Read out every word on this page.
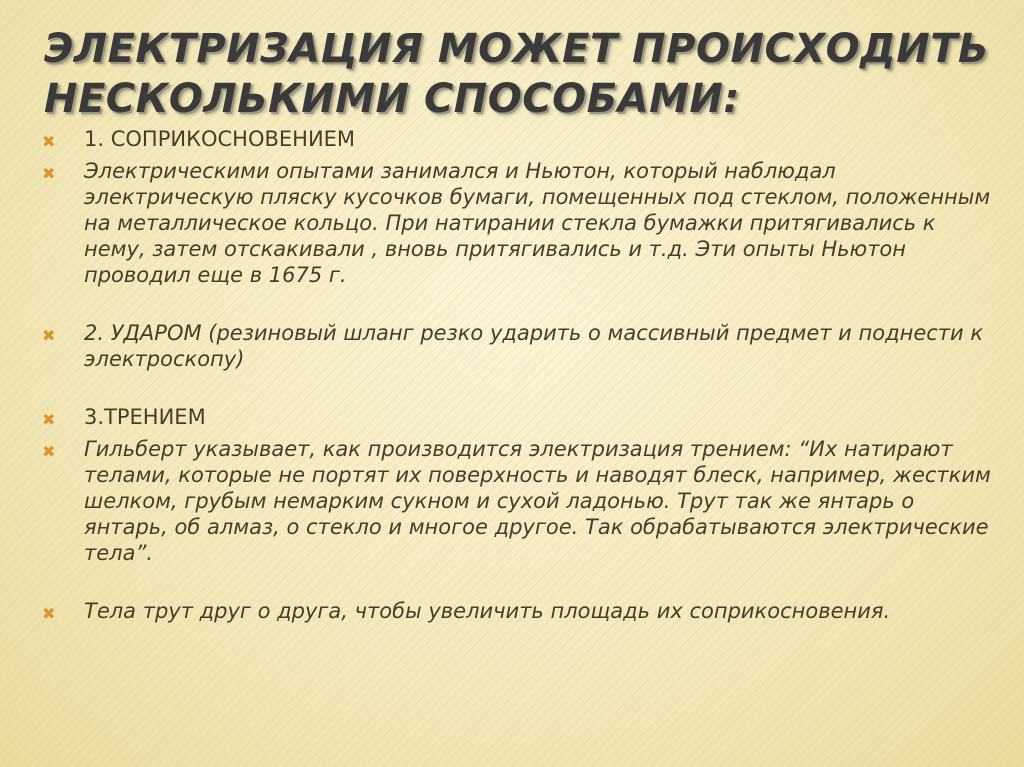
ЭЛЕКТРИЗАЦИЯ МОЖЕТ ПРОИСХОДИТЬ
НЕСКОЛЬКИМИ СПОСОБАМИ:
✖ 1. СОПРИКОСНОВЕНИЕМ
✖ Электрическими опытами занимался и Ньютон, который наблюдал электрическую пляску кусочков бумаги, помещенных под стеклом, положенным на металлическое кольцо. При натирании стекла бумажки притягивались к нему, затем отскакивали , вновь притягивались и т.д. Эти опыты Ньютон проводил еще в 1675 г.
✖ 2. УДАРОМ (резиновый шланг резко ударить о массивный предмет и поднести к электроскопу)
✖ 3.ТРЕНИЕМ
✖ Гильберт указывает, как производится электризация трением: “Их натирают телами, которые не портят их поверхность и наводят блеск, например, жестким шелком, грубым немарким сукном и сухой ладонью. Трут так же янтарь о янтарь, об алмаз, о стекло и многое другое. Так обрабатываются электрические тела”.
✖ Тела трут друг о друга, чтобы увеличить площадь их соприкосновения.
